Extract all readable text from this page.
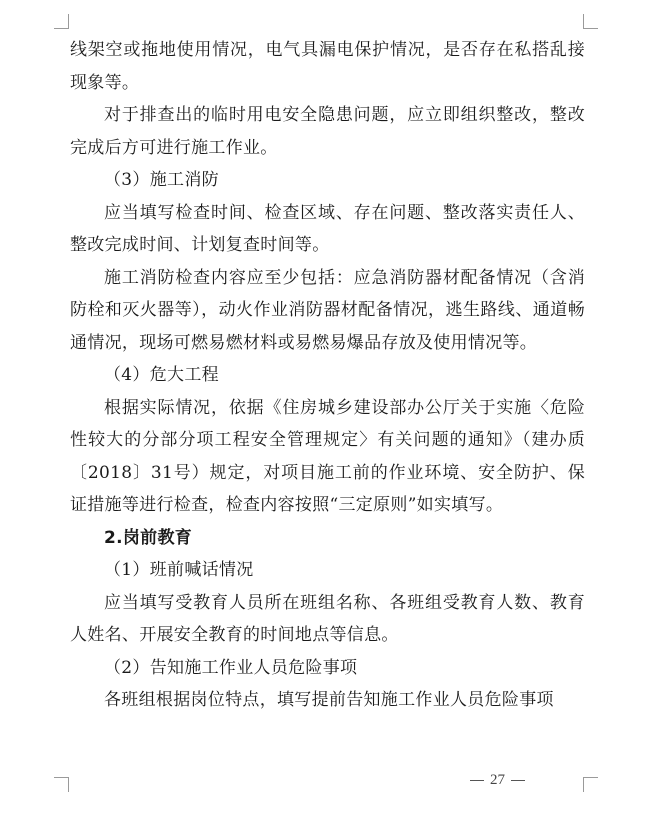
线架空或拖地使用情况，电气具漏电保护情况，是否存在私搭乱接现象等。

对于排查出的临时用电安全隐患问题，应立即组织整改，整改完成后方可进行施工作业。

（3）施工消防

应当填写检查时间、检查区域、存在问题、整改落实责任人、整改完成时间、计划复查时间等。

施工消防检查内容应至少包括：应急消防器材配备情况（含消防栓和灭火器等），动火作业消防器材配备情况，逃生路线、通道畅通情况，现场可燃易燃材料或易燃易爆品存放及使用情况等。

（4）危大工程

根据实际情况，依据《住房城乡建设部办公厅关于实施〈危险性较大的分部分项工程安全管理规定〉有关问题的通知》（建办质〔2018〕31号）规定，对项目施工前的作业环境、安全防护、保证措施等进行检查，检查内容按照“三定原则”如实填写。

2.岗前教育

（1）班前喊话情况

应当填写受教育人员所在班组名称、各班组受教育人数、教育人姓名、开展安全教育的时间地点等信息。

（2）告知施工作业人员危险事项

各班组根据岗位特点，填写提前告知施工作业人员危险事项

27
